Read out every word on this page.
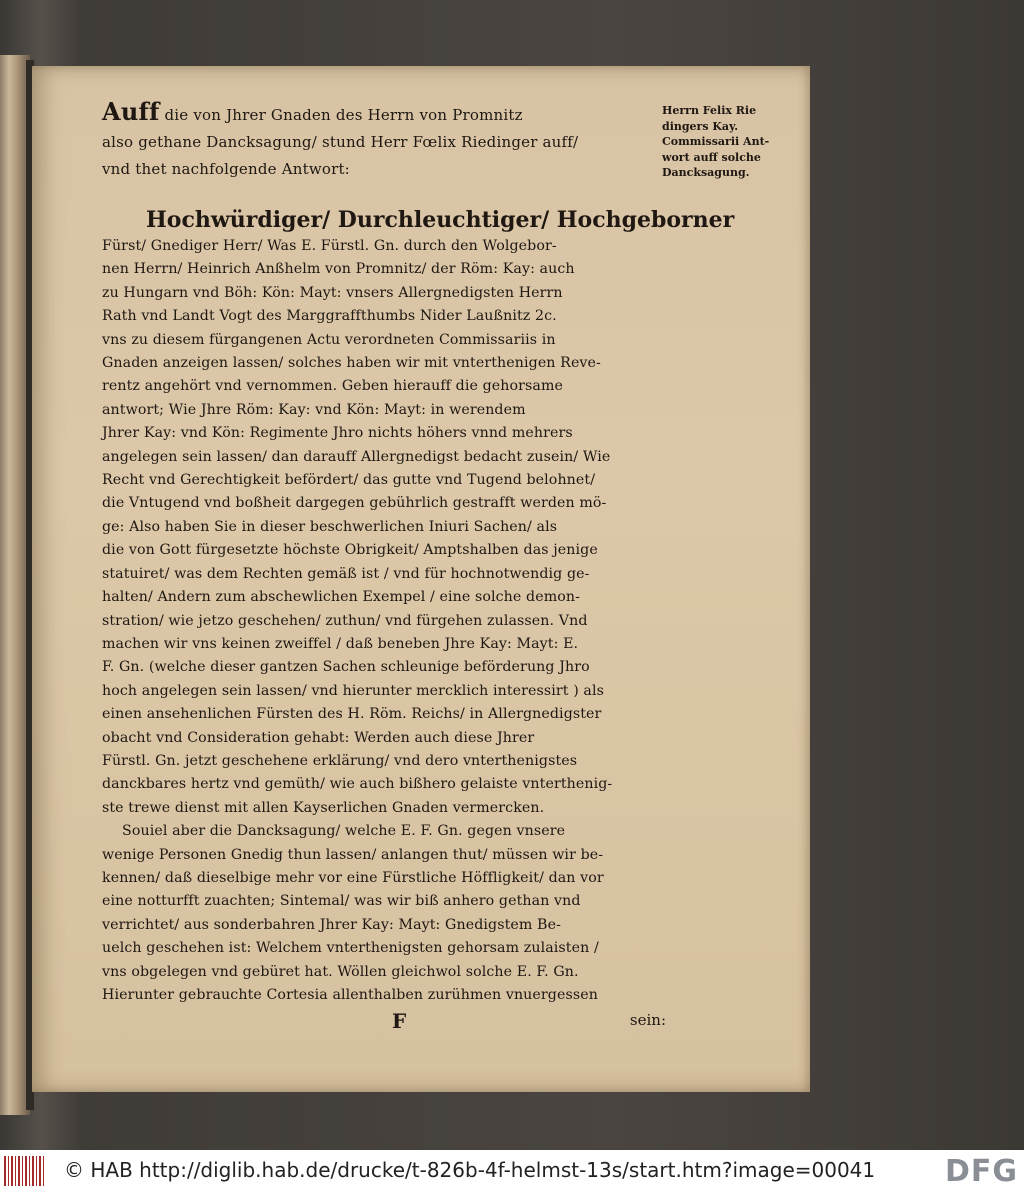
Auff die von Jhrer Gnaden des Herrn von Promnitz
also gethane Dancksagung/ stund Herr Fœlix Riedinger auff/
vnd thet nachfolgende Antwort:
Hochwürdiger/ Durchleuchtiger/ Hochgeborner
Fürst/ Gnediger Herr/ Was E. Fürstl. Gn. durch den Wolgebor-
nen Herrn/ Heinrich Anßhelm von Promnitz/ der Röm: Kay: auch
zu Hungarn vnd Böh: Kön: Mayt: vnsers Allergnedigsten Herrn
Rath vnd Landt Vogt des Marggraffthumbs Nider Laußnitz 2c.
vns zu diesem fürgangenen Actu verordneten Commissariis in
Gnaden anzeigen lassen/ solches haben wir mit vnterthenigen Reve-
rentz angehört vnd vernommen. Geben hierauff die gehorsame
antwort; Wie Jhre Röm: Kay: vnd Kön: Mayt: in werendem
Jhrer Kay: vnd Kön: Regimente Jhro nichts höhers vnnd mehrers
angelegen sein lassen/ dan darauff Allergnedigst bedacht zusein/ Wie
Recht vnd Gerechtigkeit befördert/ das gutte vnd Tugend belohnet/
die Vntugend vnd boßheit dargegen gebührlich gestrafft werden mö-
ge: Also haben Sie in dieser beschwerlichen Iniuri Sachen/ als
die von Gott fürgesetzte höchste Obrigkeit/ Amptshalben das jenige
statuiret/ was dem Rechten gemäß ist / vnd für hochnotwendig ge-
halten/ Andern zum abschewlichen Exempel / eine solche demon-
stration/ wie jetzo geschehen/ zuthun/ vnd fürgehen zulassen. Vnd
machen wir vns keinen zweiffel / daß beneben Jhre Kay: Mayt: E.
F. Gn. (welche dieser gantzen Sachen schleunige beförderung Jhro
hoch angelegen sein lassen/ vnd hierunter mercklich interessirt ) als
einen ansehenlichen Fürsten des H. Röm. Reichs/ in Allergnedigster
obacht vnd Consideration gehabt: Werden auch diese Jhrer
Fürstl. Gn. jetzt geschehene erklärung/ vnd dero vnterthenigstes
danckbares hertz vnd gemüth/ wie auch bißhero gelaiste vnterthenig-
ste trewe dienst mit allen Kayserlichen Gnaden vermercken.
Souiel aber die Dancksagung/ welche E. F. Gn. gegen vnsere
wenige Personen Gnedig thun lassen/ anlangen thut/ müssen wir be-
kennen/ daß dieselbige mehr vor eine Fürstliche Höffligkeit/ dan vor
eine notturfft zuachten; Sintemal/ was wir biß anhero gethan vnd
verrichtet/ aus sonderbahren Jhrer Kay: Mayt: Gnedigstem Be-
uelch geschehen ist: Welchem vnterthenigsten gehorsam zulaisten /
vns obgelegen vnd gebüret hat. Wöllen gleichwol solche E. F. Gn.
Hierunter gebrauchte Cortesia allenthalben zurühmen vnuergessen
F	sein:
Herrn Felix Rie
dingers Kay.
Commissarii Ant-
wort auff solche
Dancksagung.
© HAB http://diglib.hab.de/drucke/t-826b-4f-helmst-13s/start.htm?image=00041 DFG
